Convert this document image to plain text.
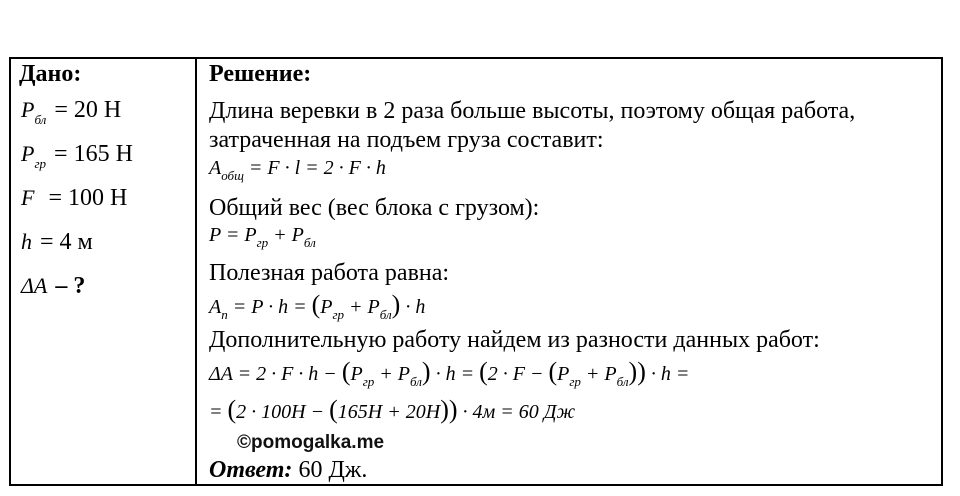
Дано:
P бл = 20 Н
P гр = 165 Н
F = 100 Н
h = 4 м
ΔA – ?
Решение:
Длина веревки в 2 раза больше высоты, поэтому общая работа,
затраченная на подъем груза составит:
$A_{общ} = F \cdot l = 2 \cdot F \cdot h$
Общий вес (вес блока с грузом):
$P = P_{гр} + P_{бл}$
Полезная работа равна:
$A_п = P \cdot h = (P_{гр} + P_{бл}) \cdot h$
Дополнительную работу найдем из разности данных работ:
$\Delta A = 2 \cdot F \cdot h - (P_{гр} + P_{бл}) \cdot h = (2 \cdot F - (P_{гр} + P_{бл})) \cdot h$ =
= (2 · 100Н − (165Н + 20Н)) · 4м = 60 Дж
©pomogalka.me
Ответ: 60 Дж.
